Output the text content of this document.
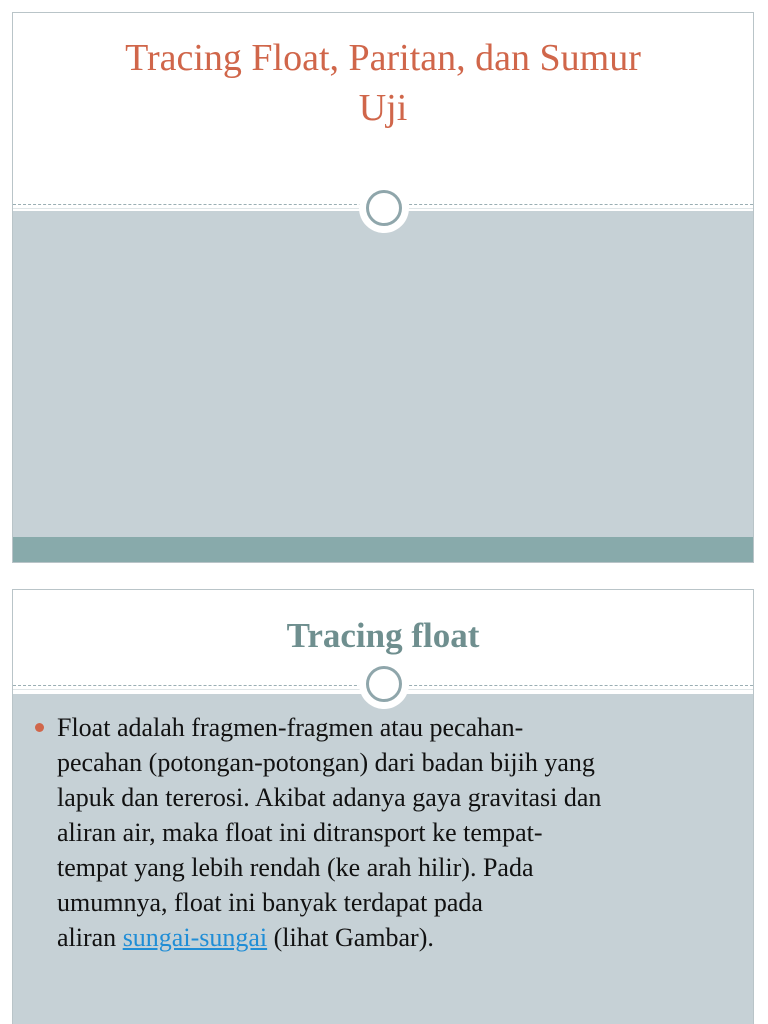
Tracing Float, Paritan, dan Sumur
Uji
Tracing float
Float adalah fragmen-fragmen atau pecahan-
pecahan (potongan-potongan) dari badan bijih yang
lapuk dan tererosi. Akibat adanya gaya gravitasi dan
aliran air, maka float ini ditransport ke tempat-
tempat yang lebih rendah (ke arah hilir). Pada
umumnya, float ini banyak terdapat pada
aliran sungai-sungai (lihat Gambar).
